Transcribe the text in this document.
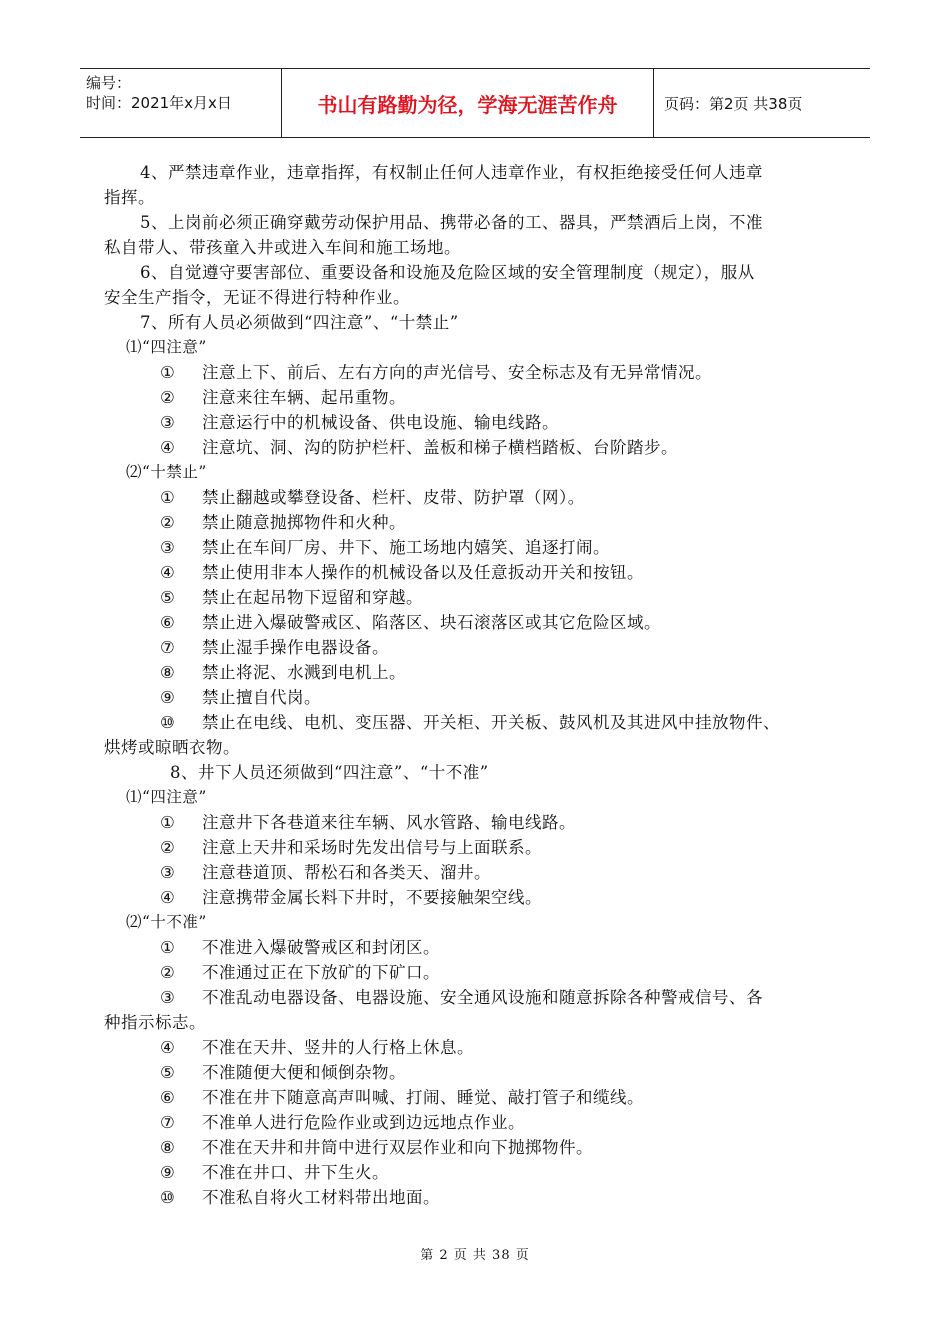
编号：
时间：2021年x月x日	书山有路勤为径，学海无涯苦作舟	页码：第2页 共38页
4、严禁违章作业，违章指挥，有权制止任何人违章作业，有权拒绝接受任何人违章
指挥。
5、上岗前必须正确穿戴劳动保护用品、携带必备的工、器具，严禁酒后上岗，不准
私自带人、带孩童入井或进入车间和施工场地。
6、自觉遵守要害部位、重要设备和设施及危险区域的安全管理制度（规定），服从
安全生产指令，无证不得进行特种作业。
7、所有人员必须做到“四注意”、“十禁止”
⑴“四注意”
① 注意上下、前后、左右方向的声光信号、安全标志及有无异常情况。
② 注意来往车辆、起吊重物。
③ 注意运行中的机械设备、供电设施、输电线路。
④ 注意坑、洞、沟的防护栏杆、盖板和梯子横档踏板、台阶踏步。
⑵“十禁止”
① 禁止翻越或攀登设备、栏杆、皮带、防护罩（网）。
② 禁止随意抛掷物件和火种。
③ 禁止在车间厂房、井下、施工场地内嬉笑、追逐打闹。
④ 禁止使用非本人操作的机械设备以及任意扳动开关和按钮。
⑤ 禁止在起吊物下逗留和穿越。
⑥ 禁止进入爆破警戒区、陷落区、块石滚落区或其它危险区域。
⑦ 禁止湿手操作电器设备。
⑧ 禁止将泥、水溅到电机上。
⑨ 禁止擅自代岗。
⑩ 禁止在电线、电机、变压器、开关柜、开关板、鼓风机及其进风中挂放物件、
烘烤或晾晒衣物。
8、井下人员还须做到“四注意”、“十不准”
⑴“四注意”
① 注意井下各巷道来往车辆、风水管路、输电线路。
② 注意上天井和采场时先发出信号与上面联系。
③ 注意巷道顶、帮松石和各类天、溜井。
④ 注意携带金属长料下井时，不要接触架空线。
⑵“十不准”
① 不准进入爆破警戒区和封闭区。
② 不准通过正在下放矿的下矿口。
③ 不准乱动电器设备、电器设施、安全通风设施和随意拆除各种警戒信号、各
种指示标志。
④ 不准在天井、竖井的人行格上休息。
⑤ 不准随便大便和倾倒杂物。
⑥ 不准在井下随意高声叫喊、打闹、睡觉、敲打管子和缆线。
⑦ 不准单人进行危险作业或到边远地点作业。
⑧ 不准在天井和井筒中进行双层作业和向下抛掷物件。
⑨ 不准在井口、井下生火。
⑩ 不准私自将火工材料带出地面。
第 2 页 共 38 页
